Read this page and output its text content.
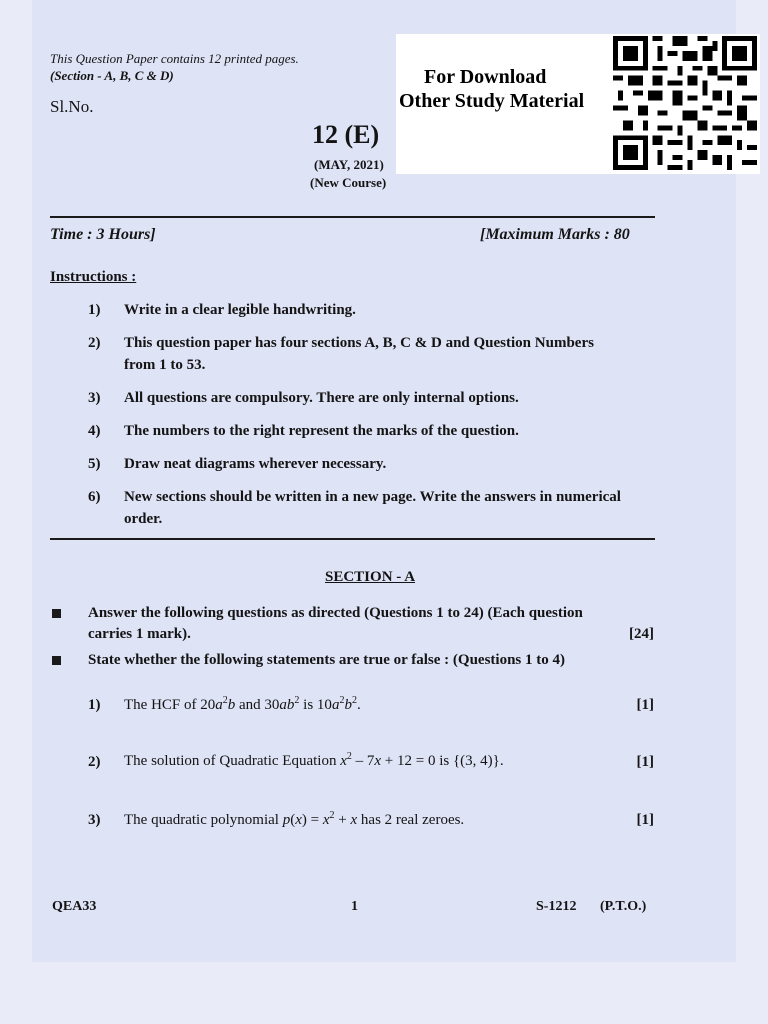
This Question Paper contains 12 printed pages.
(Section - A, B, C & D)
Sl.No.
12 (E)
(MAY, 2021)
(New Course)
For Download
Other Study Material
Time : 3 Hours]	[Maximum Marks : 80
Instructions :
1) Write in a clear legible handwriting.
2) This question paper has four sections A, B, C & D and Question Numbers
from 1 to 53.
3) All questions are compulsory. There are only internal options.
4) The numbers to the right represent the marks of the question.
5) Draw neat diagrams wherever necessary.
6) New sections should be written in a new page. Write the answers in numerical
order.
SECTION - A
Answer the following questions as directed (Questions 1 to 24) (Each question
carries 1 mark).	[24]
State whether the following statements are true or false : (Questions 1 to 4)
1) The HCF of $20a^2b$ and $30ab^2$ is $10a^2b^2$.	[1]
2) The solution of Quadratic Equation $x^2 - 7x + 12 = 0$ is {(3, 4)}.	[1]
3) The quadratic polynomial $p(x) = x^2 + x$ has 2 real zeroes.	[1]
QEA33	1	S-1212 (P.T.O.)
